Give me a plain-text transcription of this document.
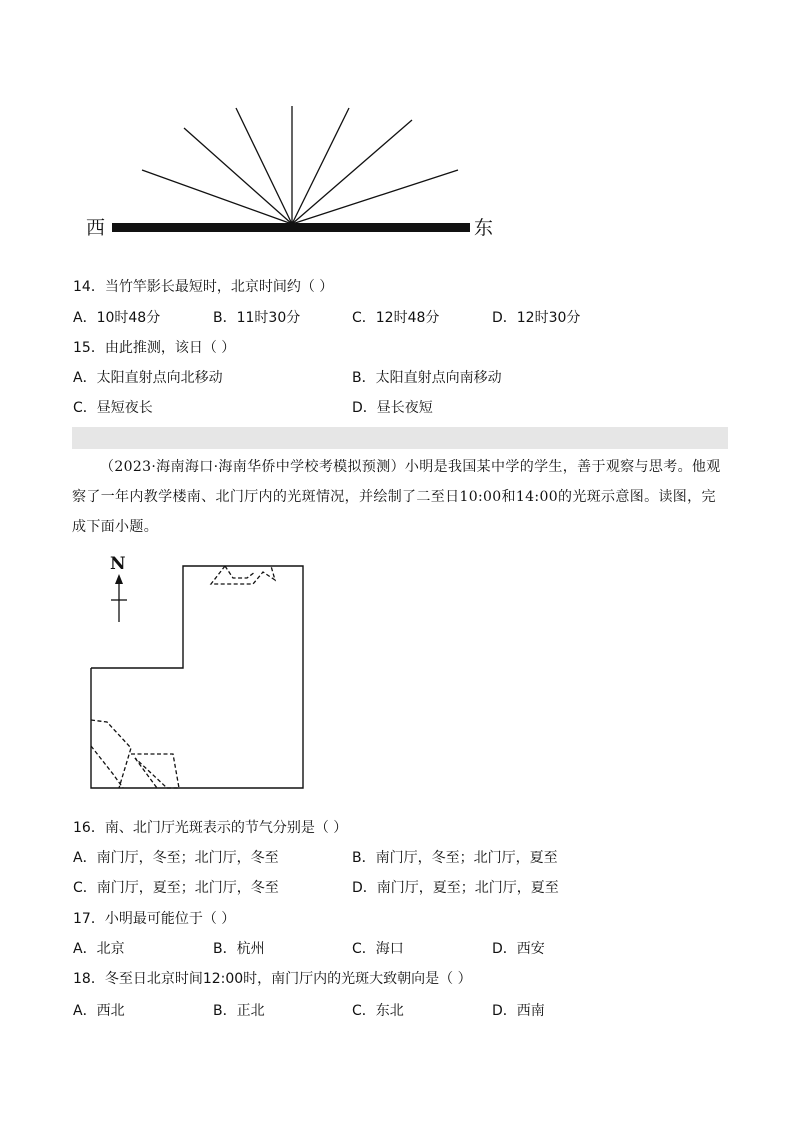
西	东
14．当竹竿影长最短时，北京时间约（ ）
A．10时48分	B．11时30分	C．12时48分	D．12时30分
15．由此推测，该日（ ）
A．太阳直射点向北移动	B．太阳直射点向南移动
C．昼短夜长	D．昼长夜短
（2023·海南海口·海南华侨中学校考模拟预测）小明是我国某中学的学生，善于观察与思考。他观察了一年内教学楼南、北门厅内的光斑情况，并绘制了二至日10:00和14:00的光斑示意图。读图，完成下面小题。
N
16．南、北门厅光斑表示的节气分别是（ ）
A．南门厅，冬至；北门厅，冬至	B．南门厅，冬至；北门厅，夏至
C．南门厅，夏至；北门厅，冬至	D．南门厅，夏至；北门厅，夏至
17．小明最可能位于（ ）
A．北京	B．杭州	C．海口	D．西安
18．冬至日北京时间12:00时，南门厅内的光斑大致朝向是（ ）
A．西北	B．正北	C．东北	D．西南
